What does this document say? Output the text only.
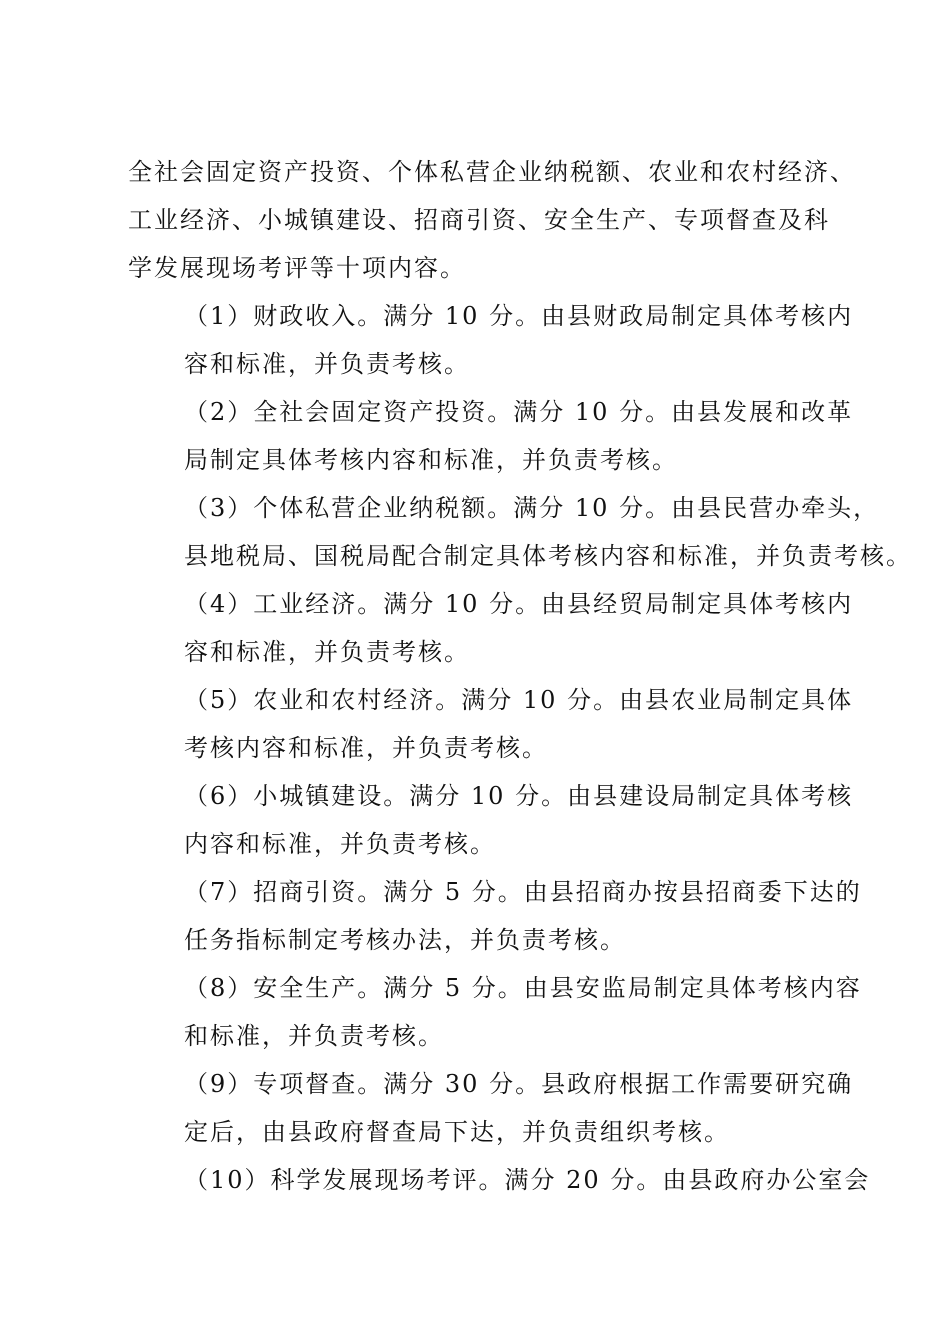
全社会固定资产投资、个体私营企业纳税额、农业和农村经济、
工业经济、小城镇建设、招商引资、安全生产、专项督查及科
学发展现场考评等十项内容。
（1）财政收入。满分 10 分。由县财政局制定具体考核内
容和标准，并负责考核。
（2）全社会固定资产投资。满分 10 分。由县发展和改革
局制定具体考核内容和标准，并负责考核。
（3）个体私营企业纳税额。满分 10 分。由县民营办牵头，
县地税局、国税局配合制定具体考核内容和标准，并负责考核。
（4）工业经济。满分 10 分。由县经贸局制定具体考核内
容和标准，并负责考核。
（5）农业和农村经济。满分 10 分。由县农业局制定具体
考核内容和标准，并负责考核。
（6）小城镇建设。满分 10 分。由县建设局制定具体考核
内容和标准，并负责考核。
（7）招商引资。满分 5 分。由县招商办按县招商委下达的
任务指标制定考核办法，并负责考核。
（8）安全生产。满分 5 分。由县安监局制定具体考核内容
和标准，并负责考核。
（9）专项督查。满分 30 分。县政府根据工作需要研究确
定后，由县政府督查局下达，并负责组织考核。
（10）科学发展现场考评。满分 20 分。由县政府办公室会
